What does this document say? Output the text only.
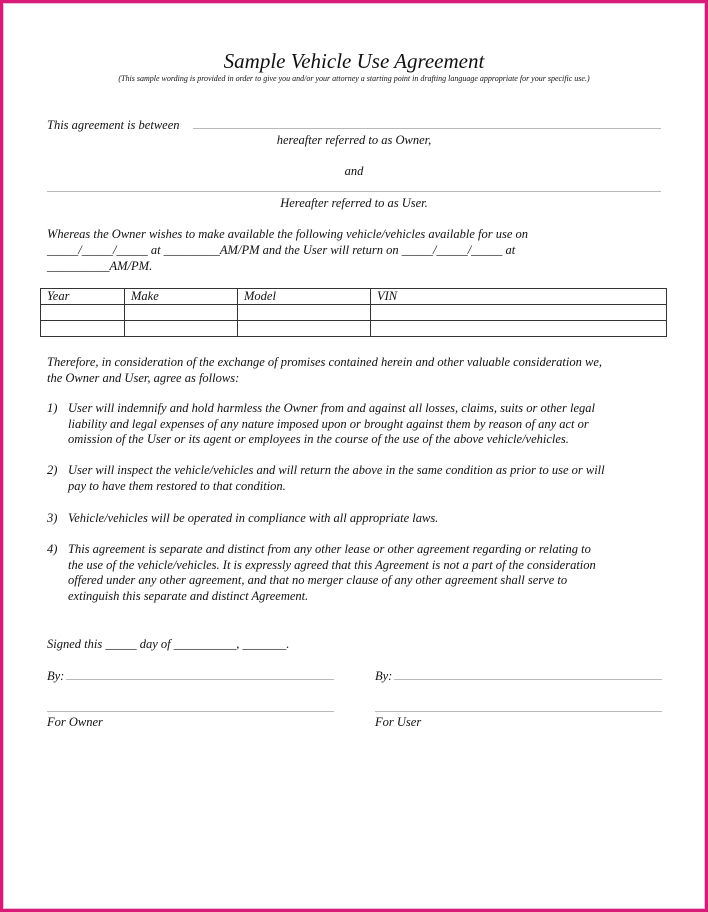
Sample Vehicle Use Agreement
(This sample wording is provided in order to give you and/or your attorney a starting point in drafting language appropriate for your specific use.)
This agreement is between
hereafter referred to as Owner,
and
Hereafter referred to as User.
Whereas the Owner wishes to make available the following vehicle/vehicles available for use on
_____/_____/_____ at _________AM/PM and the User will return on _____/_____/_____ at
__________AM/PM.
Year	Make	Model	VIN

Therefore, in consideration of the exchange of promises contained herein and other valuable consideration we,
the Owner and User, agree as follows:
1) User will indemnify and hold harmless the Owner from and against all losses, claims, suits or other legal
liability and legal expenses of any nature imposed upon or brought against them by reason of any act or
omission of the User or its agent or employees in the course of the use of the above vehicle/vehicles.
2) User will inspect the vehicle/vehicles and will return the above in the same condition as prior to use or will
pay to have them restored to that condition.
3) Vehicle/vehicles will be operated in compliance with all appropriate laws.
4) This agreement is separate and distinct from any other lease or other agreement regarding or relating to
the use of the vehicle/vehicles. It is expressly agreed that this Agreement is not a part of the consideration
offered under any other agreement, and that no merger clause of any other agreement shall serve to
extinguish this separate and distinct Agreement.
Signed this _____ day of __________, _______.
By:	By:
For Owner	For User
